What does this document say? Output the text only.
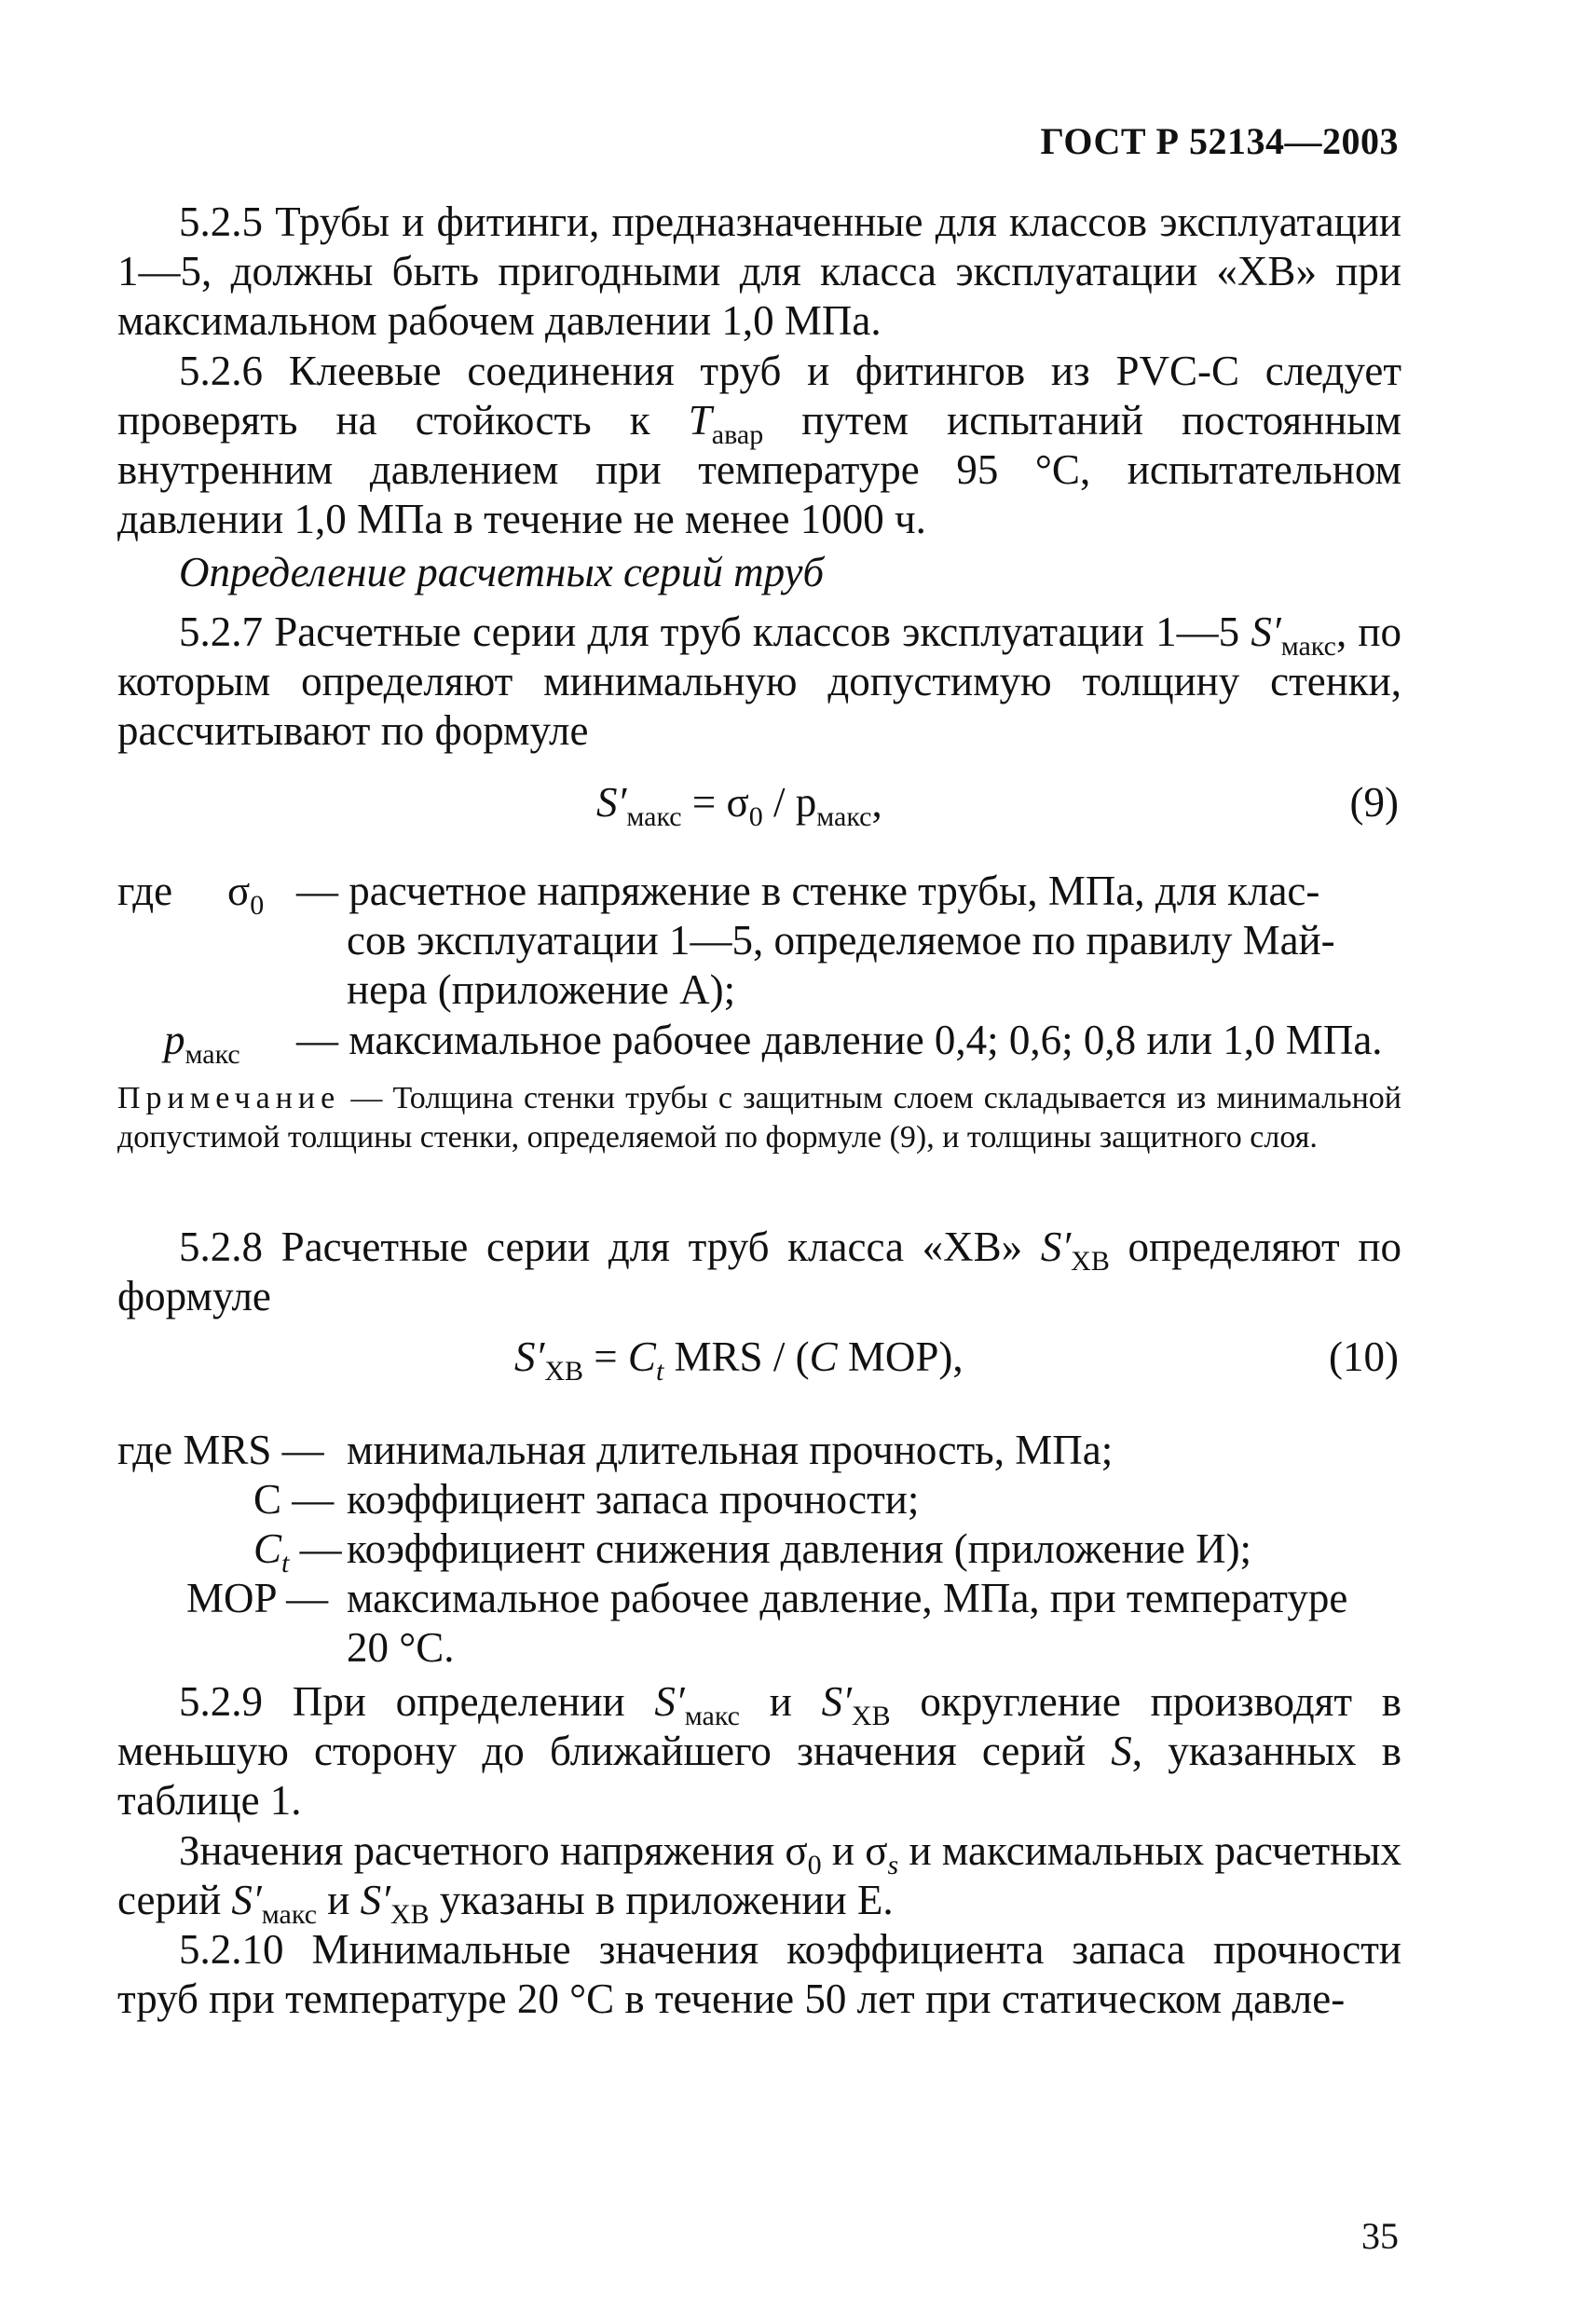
ГОСТ Р 52134—2003
5.2.5 Трубы и фитинги, предназначенные для классов эксплуатации 1—5, должны быть пригодными для класса эксплуатации «ХВ» при максимальном рабочем давлении 1,0 МПа.
5.2.6 Клеевые соединения труб и фитингов из PVC-C следует проверять на стойкость к $T_{авар}$ путем испытаний постоянным внутренним давлением при температуре 95 °С, испытательном давлении 1,0 МПа в течение не менее 1000 ч.
Определение расчетных серий труб
5.2.7 Расчетные серии для труб классов эксплуатации 1—5 $S'_{макс}$, по которым определяют минимальную допустимую толщину стенки, рассчитывают по формуле
$S'_{макс} = \sigma_0 / p_{макс}$,	(9)
где $\sigma_0$ — расчетное напряжение в стенке трубы, МПа, для клас-
сов эксплуатации 1—5, определяемое по правилу Май-
нера (приложение А);
$p_{макс}$ — максимальное рабочее давление 0,4; 0,6; 0,8 или 1,0 МПа.
Примечание — Толщина стенки трубы с защитным слоем складывается из минимальной допустимой толщины стенки, определяемой по формуле (9), и толщины защитного слоя.
5.2.8 Расчетные серии для труб класса «ХВ» $S'_{ХВ}$ определяют по формуле
$S'_{ХВ} = C_t$ MRS / (C MOP),	(10)
где MRS — минимальная длительная прочность, МПа;
C — коэффициент запаса прочности;
$C_t$ — коэффициент снижения давления (приложение И);
MOP — максимальное рабочее давление, МПа, при температуре
20 °С.
5.2.9 При определении $S'_{макс}$ и $S'_{ХВ}$ округление производят в меньшую сторону до ближайшего значения серий S, указанных в таблице 1.
Значения расчетного напряжения $\sigma_0$ и $\sigma_s$ и максимальных расчетных серий $S'_{макс}$ и $S'_{ХВ}$ указаны в приложении Е.
5.2.10 Минимальные значения коэффициента запаса прочности труб при температуре 20 °С в течение 50 лет при статическом давле-
35
